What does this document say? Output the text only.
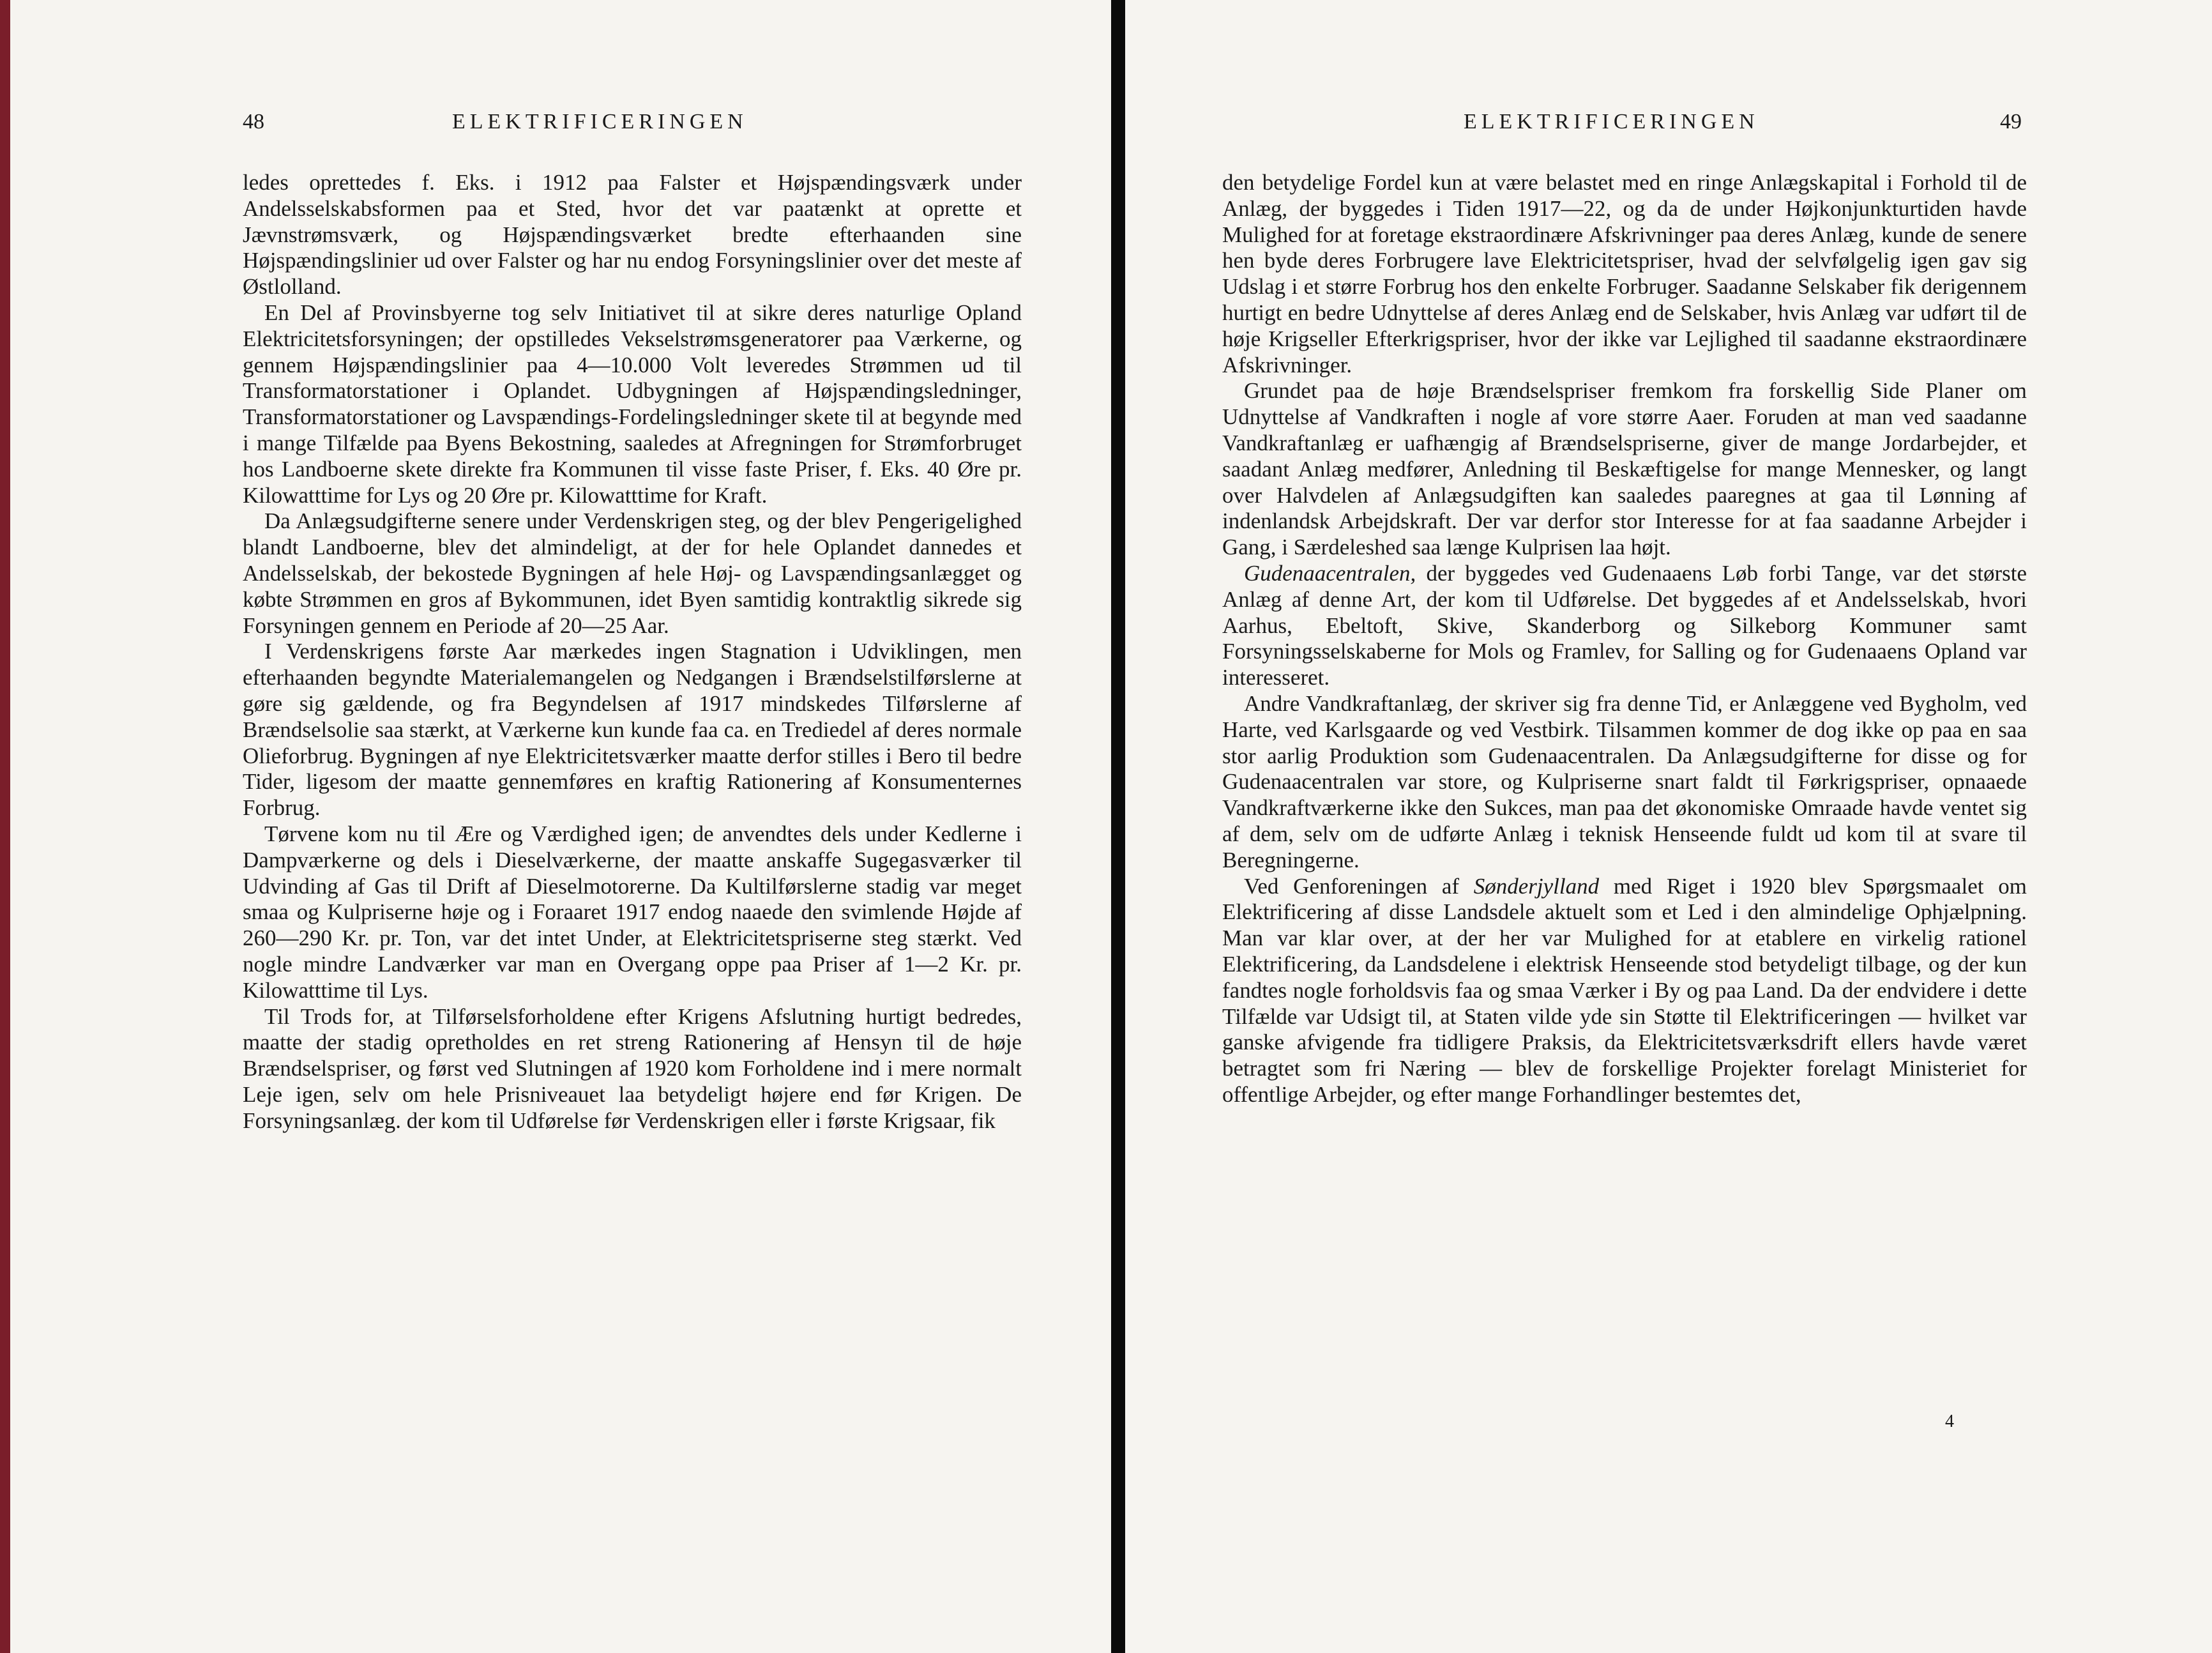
48	ELEKTRIFICERINGEN

ledes oprettedes f. Eks. i 1912 paa Falster et Højspændingsværk under Andelsselskabsformen paa et Sted, hvor det var paatænkt at oprette et Jævnstrømsværk, og Højspændingsværket bredte efterhaanden sine Højspændingslinier ud over Falster og har nu endog Forsyningslinier over det meste af Østlolland.

En Del af Provinsbyerne tog selv Initiativet til at sikre deres naturlige Opland Elektricitetsforsyningen; der opstilledes Vekselstrømsgeneratorer paa Værkerne, og gennem Højspændingslinier paa 4—10.000 Volt leveredes Strømmen ud til Transformatorstationer i Oplandet. Udbygningen af Højspændingsledninger, Transformatorstationer og Lavspændings-Fordelingsledninger skete til at begynde med i mange Tilfælde paa Byens Bekostning, saaledes at Afregningen for Strømforbruget hos Landboerne skete direkte fra Kommunen til visse faste Priser, f. Eks. 40 Øre pr. Kilowatttime for Lys og 20 Øre pr. Kilowatttime for Kraft.

Da Anlægsudgifterne senere under Verdenskrigen steg, og der blev Pengerigelighed blandt Landboerne, blev det almindeligt, at der for hele Oplandet dannedes et Andelsselskab, der bekostede Bygningen af hele Høj- og Lavspændingsanlægget og købte Strømmen en gros af Bykommunen, idet Byen samtidig kontraktlig sikrede sig Forsyningen gennem en Periode af 20—25 Aar.

I Verdenskrigens første Aar mærkedes ingen Stagnation i Udviklingen, men efterhaanden begyndte Materialemangelen og Nedgangen i Brændselstilførslerne at gøre sig gældende, og fra Begyndelsen af 1917 mindskedes Tilførslerne af Brændselsolie saa stærkt, at Værkerne kun kunde faa ca. en Trediedel af deres normale Olieforbrug. Bygningen af nye Elektricitetsværker maatte derfor stilles i Bero til bedre Tider, ligesom der maatte gennemføres en kraftig Rationering af Konsumenternes Forbrug.

Tørvene kom nu til Ære og Værdighed igen; de anvendtes dels under Kedlerne i Dampværkerne og dels i Dieselværkerne, der maatte anskaffe Sugegasværker til Udvinding af Gas til Drift af Dieselmotorerne. Da Kultilførslerne stadig var meget smaa og Kulpriserne høje og i Foraaret 1917 endog naaede den svimlende Højde af 260—290 Kr. pr. Ton, var det intet Under, at Elektricitetspriserne steg stærkt. Ved nogle mindre Landværker var man en Overgang oppe paa Priser af 1—2 Kr. pr. Kilowatttime til Lys.

Til Trods for, at Tilførselsforholdene efter Krigens Afslutning hurtigt bedredes, maatte der stadig opretholdes en ret streng Rationering af Hensyn til de høje Brændselspriser, og først ved Slutningen af 1920 kom Forholdene ind i mere normalt Leje igen, selv om hele Prisniveauet laa betydeligt højere end før Krigen. De Forsyningsanlæg. der kom til Udførelse før Verdenskrigen eller i første Krigsaar, fik

ELEKTRIFICERINGEN	49

den betydelige Fordel kun at være belastet med en ringe Anlægskapital i Forhold til de Anlæg, der byggedes i Tiden 1917—22, og da de under Højkonjunkturtiden havde Mulighed for at foretage ekstraordinære Afskrivninger paa deres Anlæg, kunde de senere hen byde deres Forbrugere lave Elektricitetspriser, hvad der selvfølgelig igen gav sig Udslag i et større Forbrug hos den enkelte Forbruger. Saadanne Selskaber fik derigennem hurtigt en bedre Udnyttelse af deres Anlæg end de Selskaber, hvis Anlæg var udført til de høje Krigseller Efterkrigspriser, hvor der ikke var Lejlighed til saadanne ekstraordinære Afskrivninger.

Grundet paa de høje Brændselspriser fremkom fra forskellig Side Planer om Udnyttelse af Vandkraften i nogle af vore større Aaer. Foruden at man ved saadanne Vandkraftanlæg er uafhængig af Brændselspriserne, giver de mange Jordarbejder, et saadant Anlæg medfører, Anledning til Beskæftigelse for mange Mennesker, og langt over Halvdelen af Anlægsudgiften kan saaledes paaregnes at gaa til Lønning af indenlandsk Arbejdskraft. Der var derfor stor Interesse for at faa saadanne Arbejder i Gang, i Særdeleshed saa længe Kulprisen laa højt.

Gudenaacentralen, der byggedes ved Gudenaaens Løb forbi Tange, var det største Anlæg af denne Art, der kom til Udførelse. Det byggedes af et Andelsselskab, hvori Aarhus, Ebeltoft, Skive, Skanderborg og Silkeborg Kommuner samt Forsyningsselskaberne for Mols og Framlev, for Salling og for Gudenaaens Opland var interesseret.

Andre Vandkraftanlæg, der skriver sig fra denne Tid, er Anlæggene ved Bygholm, ved Harte, ved Karlsgaarde og ved Vestbirk. Tilsammen kommer de dog ikke op paa en saa stor aarlig Produktion som Gudenaacentralen. Da Anlægsudgifterne for disse og for Gudenaacentralen var store, og Kulpriserne snart faldt til Førkrigspriser, opnaaede Vandkraftværkerne ikke den Sukces, man paa det økonomiske Omraade havde ventet sig af dem, selv om de udførte Anlæg i teknisk Henseende fuldt ud kom til at svare til Beregningerne.

Ved Genforeningen af Sønderjylland med Riget i 1920 blev Spørgsmaalet om Elektrificering af disse Landsdele aktuelt som et Led i den almindelige Ophjælpning. Man var klar over, at der her var Mulighed for at etablere en virkelig rationel Elektrificering, da Landsdelene i elektrisk Henseende stod betydeligt tilbage, og der kun fandtes nogle forholdsvis faa og smaa Værker i By og paa Land. Da der endvidere i dette Tilfælde var Udsigt til, at Staten vilde yde sin Støtte til Elektrificeringen — hvilket var ganske afvigende fra tidligere Praksis, da Elektricitetsværksdrift ellers havde været betragtet som fri Næring — blev de forskellige Projekter forelagt Ministeriet for offentlige Arbejder, og efter mange Forhandlinger bestemtes det,

4
